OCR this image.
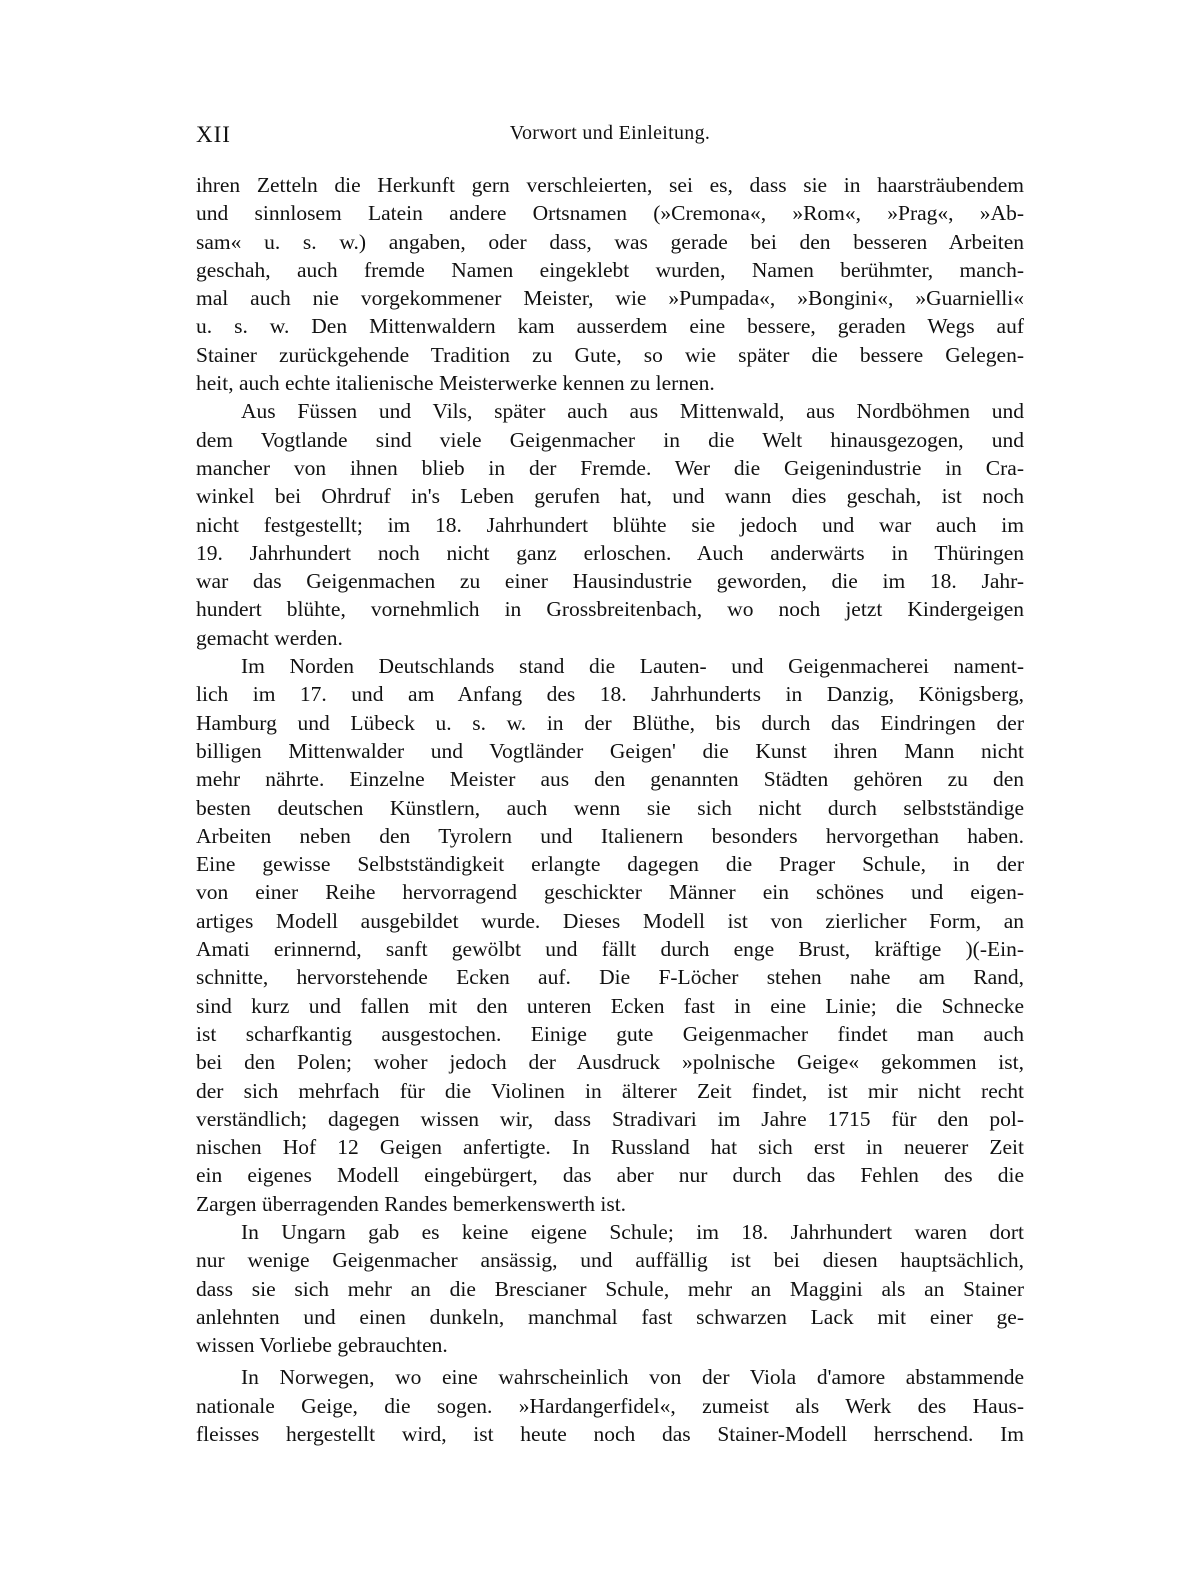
XII	Vorwort und Einleitung.
ihren Zetteln die Herkunft gern verschleierten, sei es, dass sie in haarsträubendem
und sinnlosem Latein andere Ortsnamen (»Cremona«, »Rom«, »Prag«, »Ab-
sam« u. s. w.) angaben, oder dass, was gerade bei den besseren Arbeiten
geschah, auch fremde Namen eingeklebt wurden, Namen berühmter, manch-
mal auch nie vorgekommener Meister, wie »Pumpada«, »Bongini«, »Guarnielli«
u. s. w. Den Mittenwaldern kam ausserdem eine bessere, geraden Wegs auf
Stainer zurückgehende Tradition zu Gute, so wie später die bessere Gelegen-
heit, auch echte italienische Meisterwerke kennen zu lernen.
Aus Füssen und Vils, später auch aus Mittenwald, aus Nordböhmen und
dem Vogtlande sind viele Geigenmacher in die Welt hinausgezogen, und
mancher von ihnen blieb in der Fremde. Wer die Geigenindustrie in Cra-
winkel bei Ohrdruf in's Leben gerufen hat, und wann dies geschah, ist noch
nicht festgestellt; im 18. Jahrhundert blühte sie jedoch und war auch im
19. Jahrhundert noch nicht ganz erloschen. Auch anderwärts in Thüringen
war das Geigenmachen zu einer Hausindustrie geworden, die im 18. Jahr-
hundert blühte, vornehmlich in Grossbreitenbach, wo noch jetzt Kindergeigen
gemacht werden.
Im Norden Deutschlands stand die Lauten- und Geigenmacherei nament-
lich im 17. und am Anfang des 18. Jahrhunderts in Danzig, Königsberg,
Hamburg und Lübeck u. s. w. in der Blüthe, bis durch das Eindringen der
billigen Mittenwalder und Vogtländer Geigen' die Kunst ihren Mann nicht
mehr nährte. Einzelne Meister aus den genannten Städten gehören zu den
besten deutschen Künstlern, auch wenn sie sich nicht durch selbstständige
Arbeiten neben den Tyrolern und Italienern besonders hervorgethan haben.
Eine gewisse Selbstständigkeit erlangte dagegen die Prager Schule, in der
von einer Reihe hervorragend geschickter Männer ein schönes und eigen-
artiges Modell ausgebildet wurde. Dieses Modell ist von zierlicher Form, an
Amati erinnernd, sanft gewölbt und fällt durch enge Brust, kräftige )(-Ein-
schnitte, hervorstehende Ecken auf. Die F-Löcher stehen nahe am Rand,
sind kurz und fallen mit den unteren Ecken fast in eine Linie; die Schnecke
ist scharfkantig ausgestochen. Einige gute Geigenmacher findet man auch
bei den Polen; woher jedoch der Ausdruck »polnische Geige« gekommen ist,
der sich mehrfach für die Violinen in älterer Zeit findet, ist mir nicht recht
verständlich; dagegen wissen wir, dass Stradivari im Jahre 1715 für den pol-
nischen Hof 12 Geigen anfertigte. In Russland hat sich erst in neuerer Zeit
ein eigenes Modell eingebürgert, das aber nur durch das Fehlen des die
Zargen überragenden Randes bemerkenswerth ist.
In Ungarn gab es keine eigene Schule; im 18. Jahrhundert waren dort
nur wenige Geigenmacher ansässig, und auffällig ist bei diesen hauptsächlich,
dass sie sich mehr an die Brescianer Schule, mehr an Maggini als an Stainer
anlehnten und einen dunkeln, manchmal fast schwarzen Lack mit einer ge-
wissen Vorliebe gebrauchten.
In Norwegen, wo eine wahrscheinlich von der Viola d'amore abstammende
nationale Geige, die sogen. »Hardangerfidel«, zumeist als Werk des Haus-
fleisses hergestellt wird, ist heute noch das Stainer-Modell herrschend. Im
